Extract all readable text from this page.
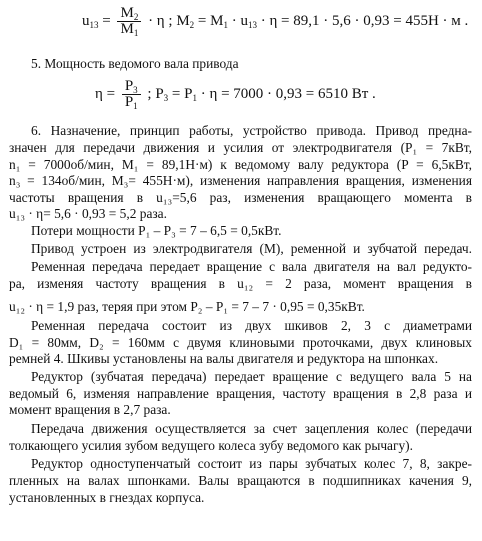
$u_{13} = \frac{M_2}{M_1} \cdot \eta$ ; $M_2 = M_1 \cdot u_{13} \cdot \eta = 89,1 \cdot 5,6 \cdot 0,93 = 455Н \cdot м$ .
5. Мощность ведомого вала привода
$\eta = \frac{P_3}{P_1}$ ; $P_3 = P_1 \cdot \eta = 7000 \cdot 0,93 = 6510$ Вт .
6. Назначение, принцип работы, устройство привода. Привод предна-
значен для передачи движения и усилия от электродвигателя (P₁ = 7кВт,
n₁ = 7000об/мин, M₁ = 89,1Н·м) к ведомому валу редуктора (P = 6,5кВт,
n₃ = 134об/мин, M₃= 455Н·м), изменения направления вращения, изменения
частоты вращения в u₁₃=5,6 раз, изменения вращающего момента в
u₁₃ · η= 5,6 · 0,93 = 5,2 раза.
Потери мощности P₁ – P₃ = 7 – 6,5 = 0,5кВт.
Привод устроен из электродвигателя (М), ременной и зубчатой передач.
Ременная передача передает вращение с вала двигателя на вал редукто-
ра, изменяя частоту вращения в u₁₂ = 2 раза, момент вращения в
u₁₂ · η = 1,9 раз, теряя при этом P₂ – P₁ = 7 – 7 · 0,95 = 0,35кВт.
Ременная передача состоит из двух шкивов 2, 3 с диаметрами
D₁ = 80мм, D₂ = 160мм с двумя клиновыми проточками, двух клиновых
ремней 4. Шкивы установлены на валы двигателя и редуктора на шпонках.
Редуктор (зубчатая передача) передает вращение с ведущего вала 5 на
ведомый 6, изменяя направление вращения, частоту вращения в 2,8 раза и
момент вращения в 2,7 раза.
Передача движения осуществляется за счет зацепления колес (передачи
толкающего усилия зубом ведущего колеса зубу ведомого как рычагу).
Редуктор одноступенчатый состоит из пары зубчатых колес 7, 8, закре-
пленных на валах шпонками. Валы вращаются в подшипниках качения 9,
установленных в гнездах корпуса.
